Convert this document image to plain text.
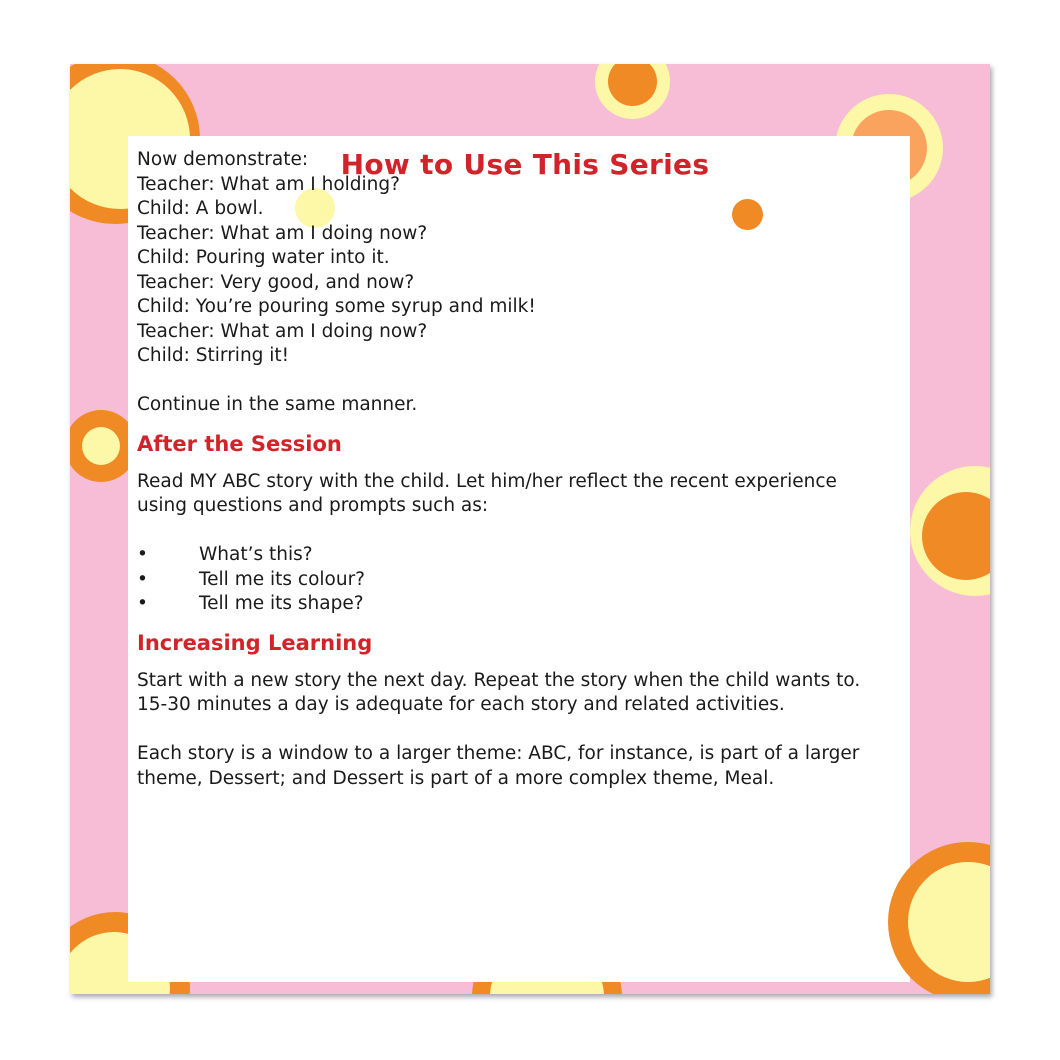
How to Use This Series
Now demonstrate:
Teacher: What am I holding?
Child: A bowl.
Teacher: What am I doing now?
Child: Pouring water into it.
Teacher: Very good, and now?
Child: You’re pouring some syrup and milk!
Teacher: What am I doing now?
Child: Stirring it!
Continue in the same manner.
After the Session
Read MY ABC story with the child. Let him/her reflect the recent experience
using questions and prompts such as:
•	What’s this?
•	Tell me its colour?
•	Tell me its shape?
Increasing Learning
Start with a new story the next day. Repeat the story when the child wants to.
15-30 minutes a day is adequate for each story and related activities.
Each story is a window to a larger theme: ABC, for instance, is part of a larger
theme, Dessert; and Dessert is part of a more complex theme, Meal.
